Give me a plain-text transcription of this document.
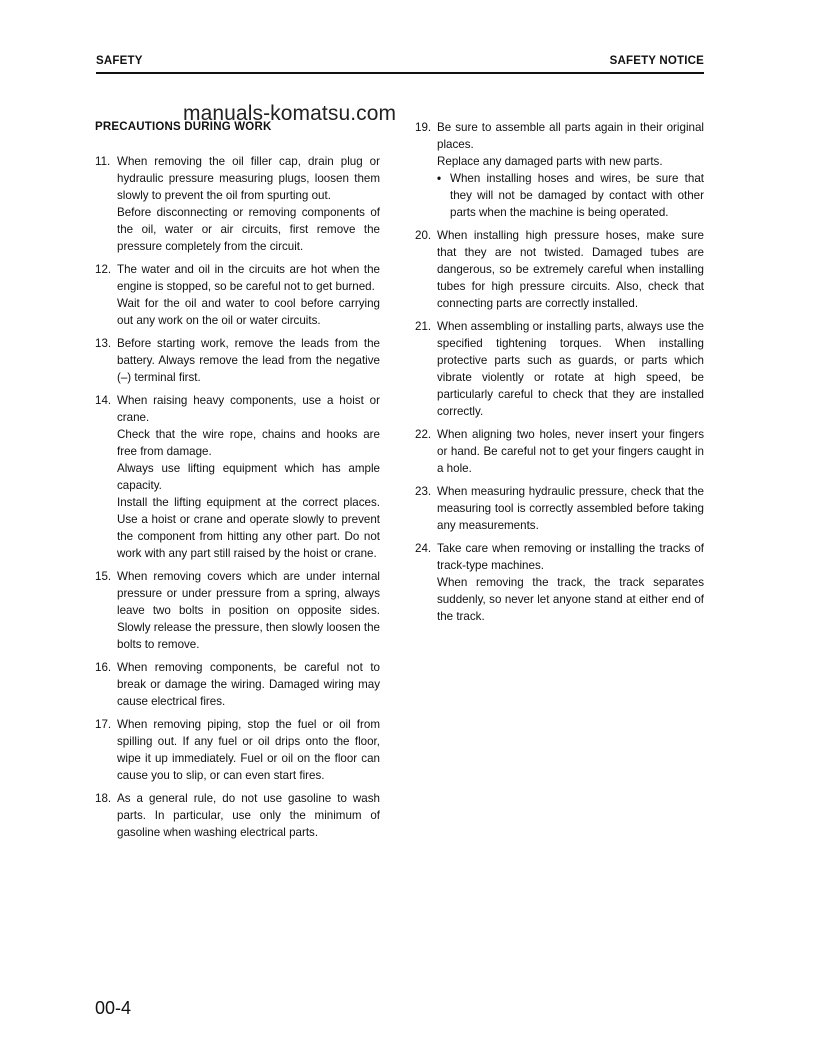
SAFETY	SAFETY NOTICE
manuals-komatsu.com
PRECAUTIONS DURING WORK
11. When removing the oil filler cap, drain plug or hydraulic pressure measuring plugs, loosen them slowly to prevent the oil from spurting out.

Before disconnecting or removing components of the oil, water or air circuits, first remove the pressure completely from the circuit.

12. The water and oil in the circuits are hot when the engine is stopped, so be careful not to get burned.

Wait for the oil and water to cool before carrying out any work on the oil or water circuits.

13. Before starting work, remove the leads from the battery. Always remove the lead from the negative (–) terminal first.

14. When raising heavy components, use a hoist or crane.

Check that the wire rope, chains and hooks are free from damage.

Always use lifting equipment which has ample capacity.

Install the lifting equipment at the correct places. Use a hoist or crane and operate slowly to prevent the component from hitting any other part. Do not work with any part still raised by the hoist or crane.

15. When removing covers which are under internal pressure or under pressure from a spring, always leave two bolts in position on opposite sides. Slowly release the pressure, then slowly loosen the bolts to remove.

16. When removing components, be careful not to break or damage the wiring. Damaged wiring may cause electrical fires.

17. When removing piping, stop the fuel or oil from spilling out. If any fuel or oil drips onto the floor, wipe it up immediately. Fuel or oil on the floor can cause you to slip, or can even start fires.

18. As a general rule, do not use gasoline to wash parts. In particular, use only the minimum of gasoline when washing electrical parts.

19. Be sure to assemble all parts again in their original places.

Replace any damaged parts with new parts.

• When installing hoses and wires, be sure that they will not be damaged by contact with other parts when the machine is being operated.
20. When installing high pressure hoses, make sure that they are not twisted. Damaged tubes are dangerous, so be extremely careful when installing tubes for high pressure circuits. Also, check that connecting parts are correctly installed.

21. When assembling or installing parts, always use the specified tightening torques. When installing protective parts such as guards, or parts which vibrate violently or rotate at high speed, be particularly careful to check that they are installed correctly.

22. When aligning two holes, never insert your fingers or hand. Be careful not to get your fingers caught in a hole.

23. When measuring hydraulic pressure, check that the measuring tool is correctly assembled before taking any measurements.

24. Take care when removing or installing the tracks of track-type machines.

When removing the track, the track separates suddenly, so never let anyone stand at either end of the track.

00-4
